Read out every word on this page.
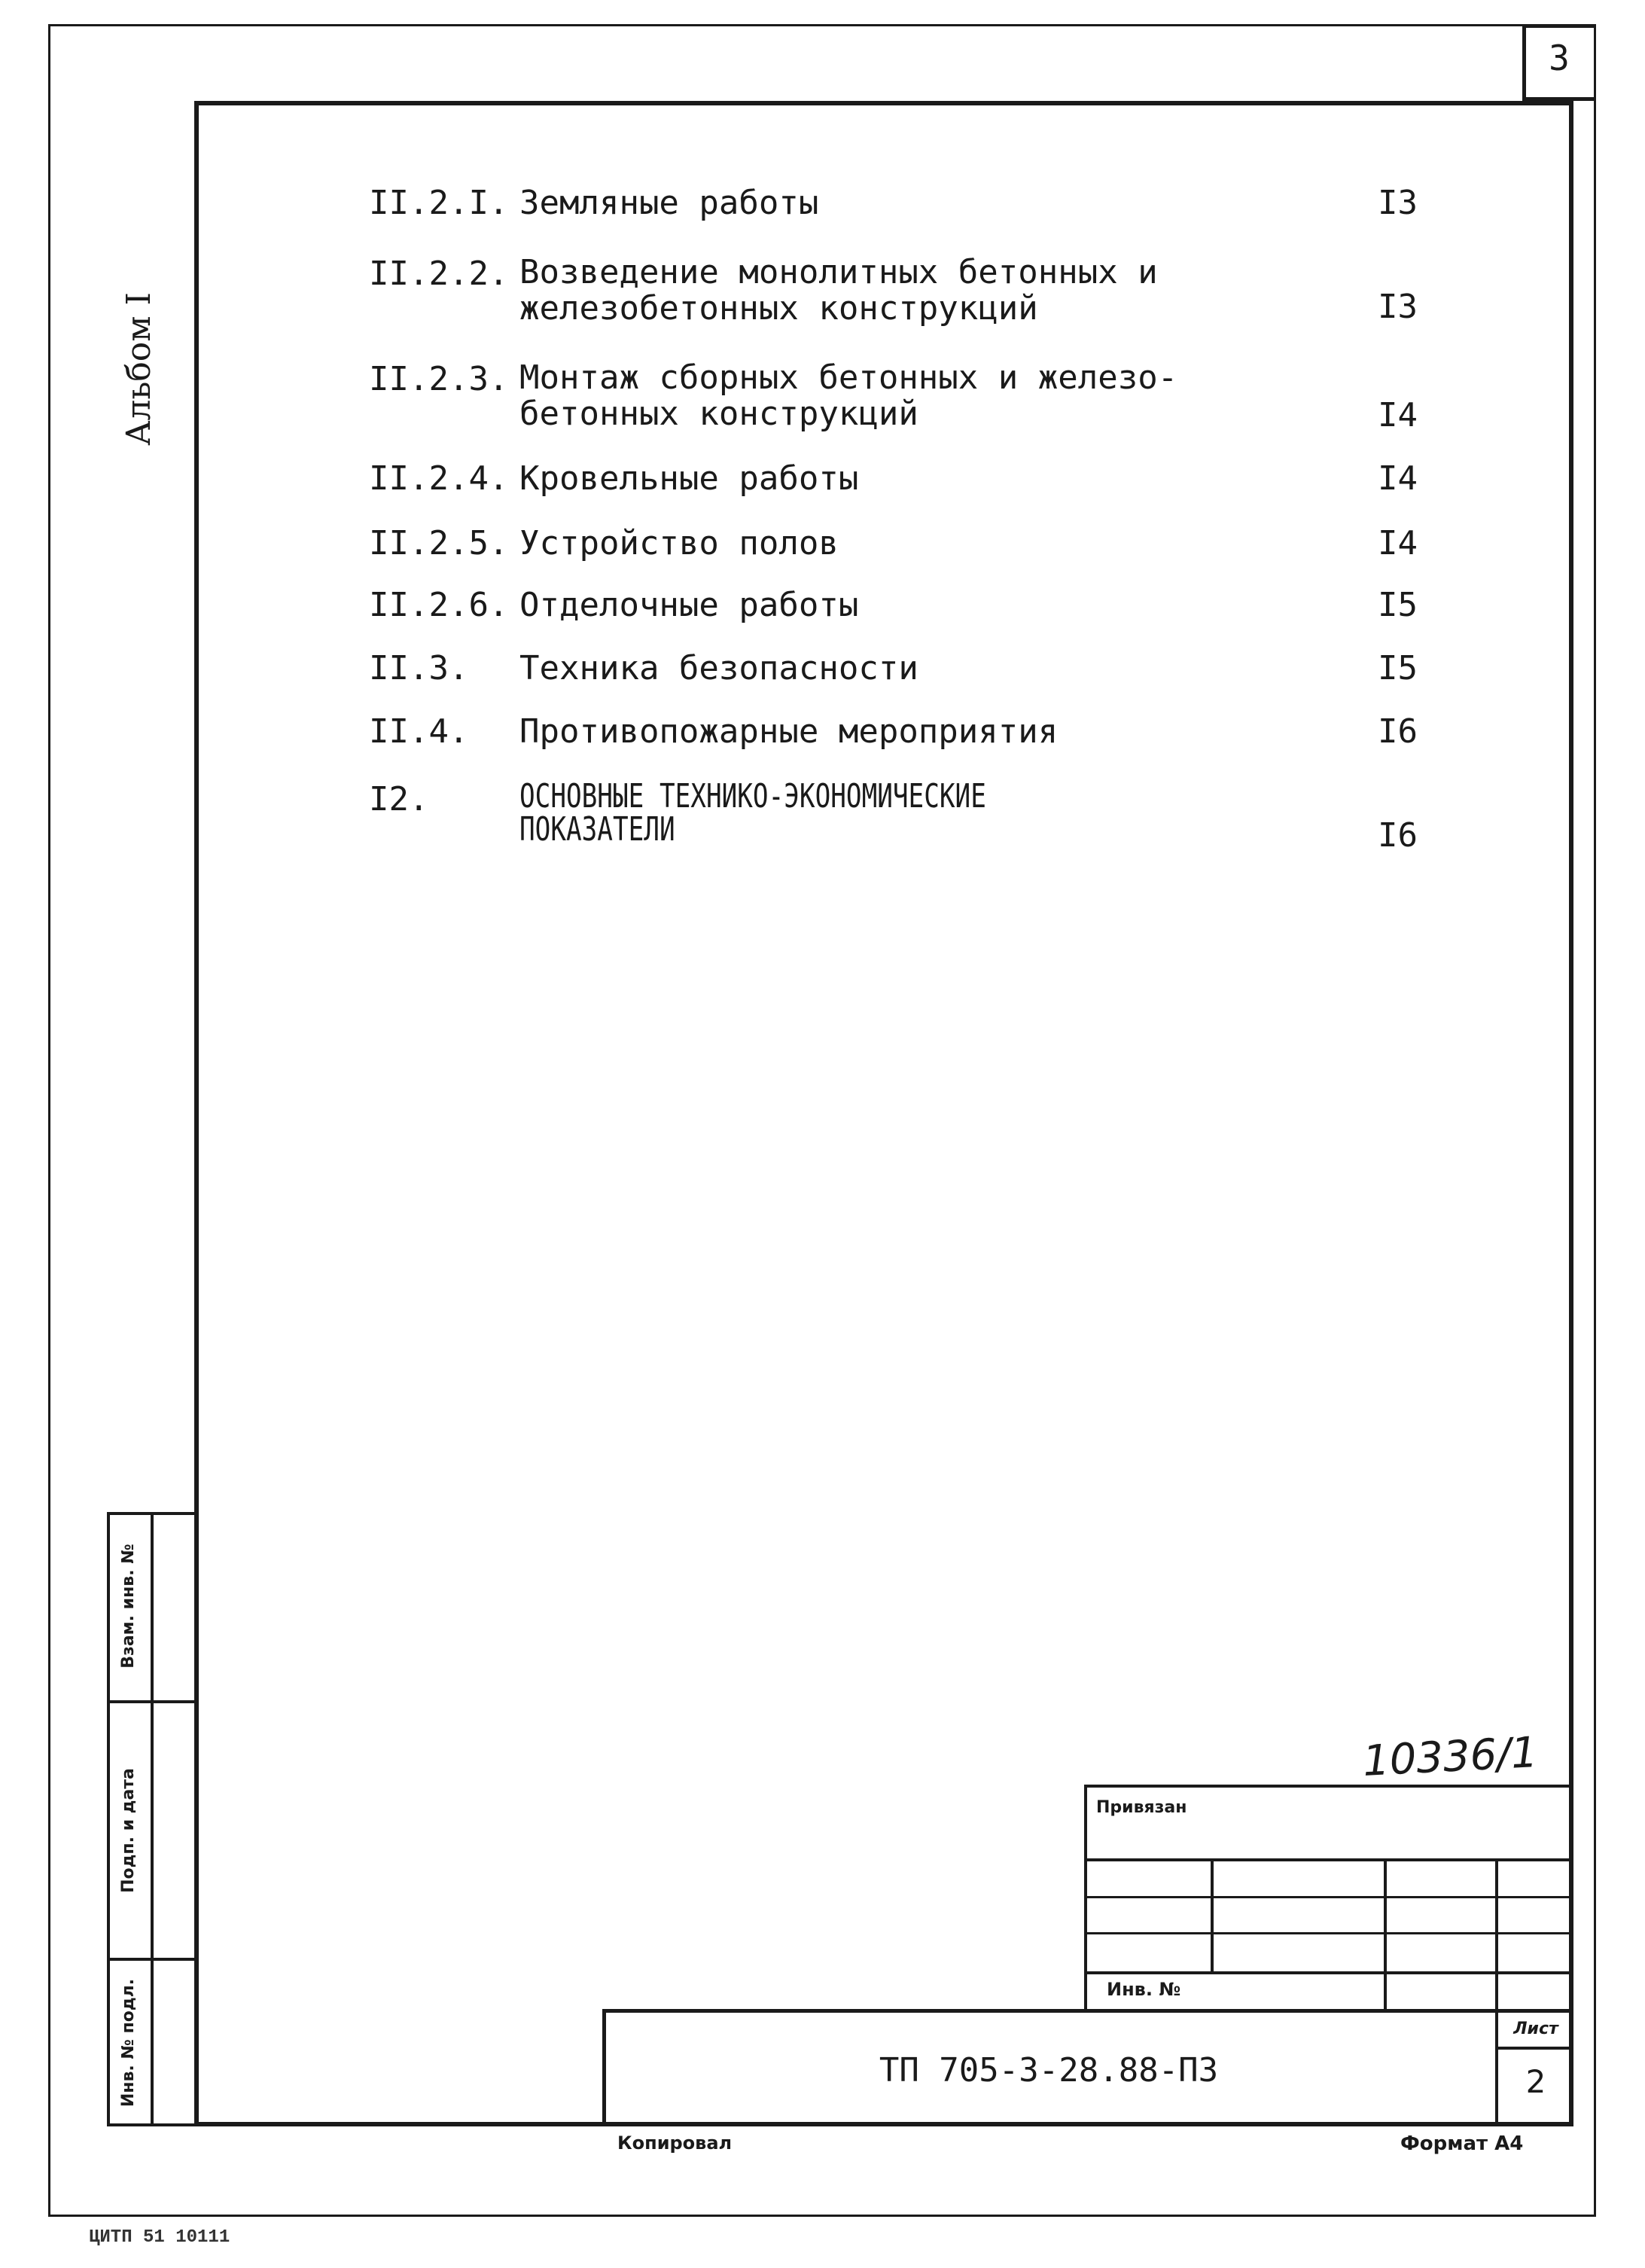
3
Альбом I
II.2.I. Земляные работы	I3
II.2.2. Возведение монолитных бетонных и
железобетонных конструкций	I3
II.2.3. Монтаж сборных бетонных и железо-
бетонных конструкций	I4
II.2.4. Кровельные работы	I4
II.2.5. Устройство полов	I4
II.2.6. Отделочные работы	I5
II.3. Техника безопасности	I5
II.4. Противопожарные мероприятия	I6
I2.	ОСНОВНЫЕ ТЕХНИКО-ЭКОНОМИЧЕСКИЕ
ПОКАЗАТЕЛИ	I6
Взам. инв. №
Подп. и дата
Инв. № подл.
10336/1
Привязан
Инв. №
ТП 705-3-28.88-ПЗ
Лист
2
Копировал	Формат А4
ЦИТП 51 10111
